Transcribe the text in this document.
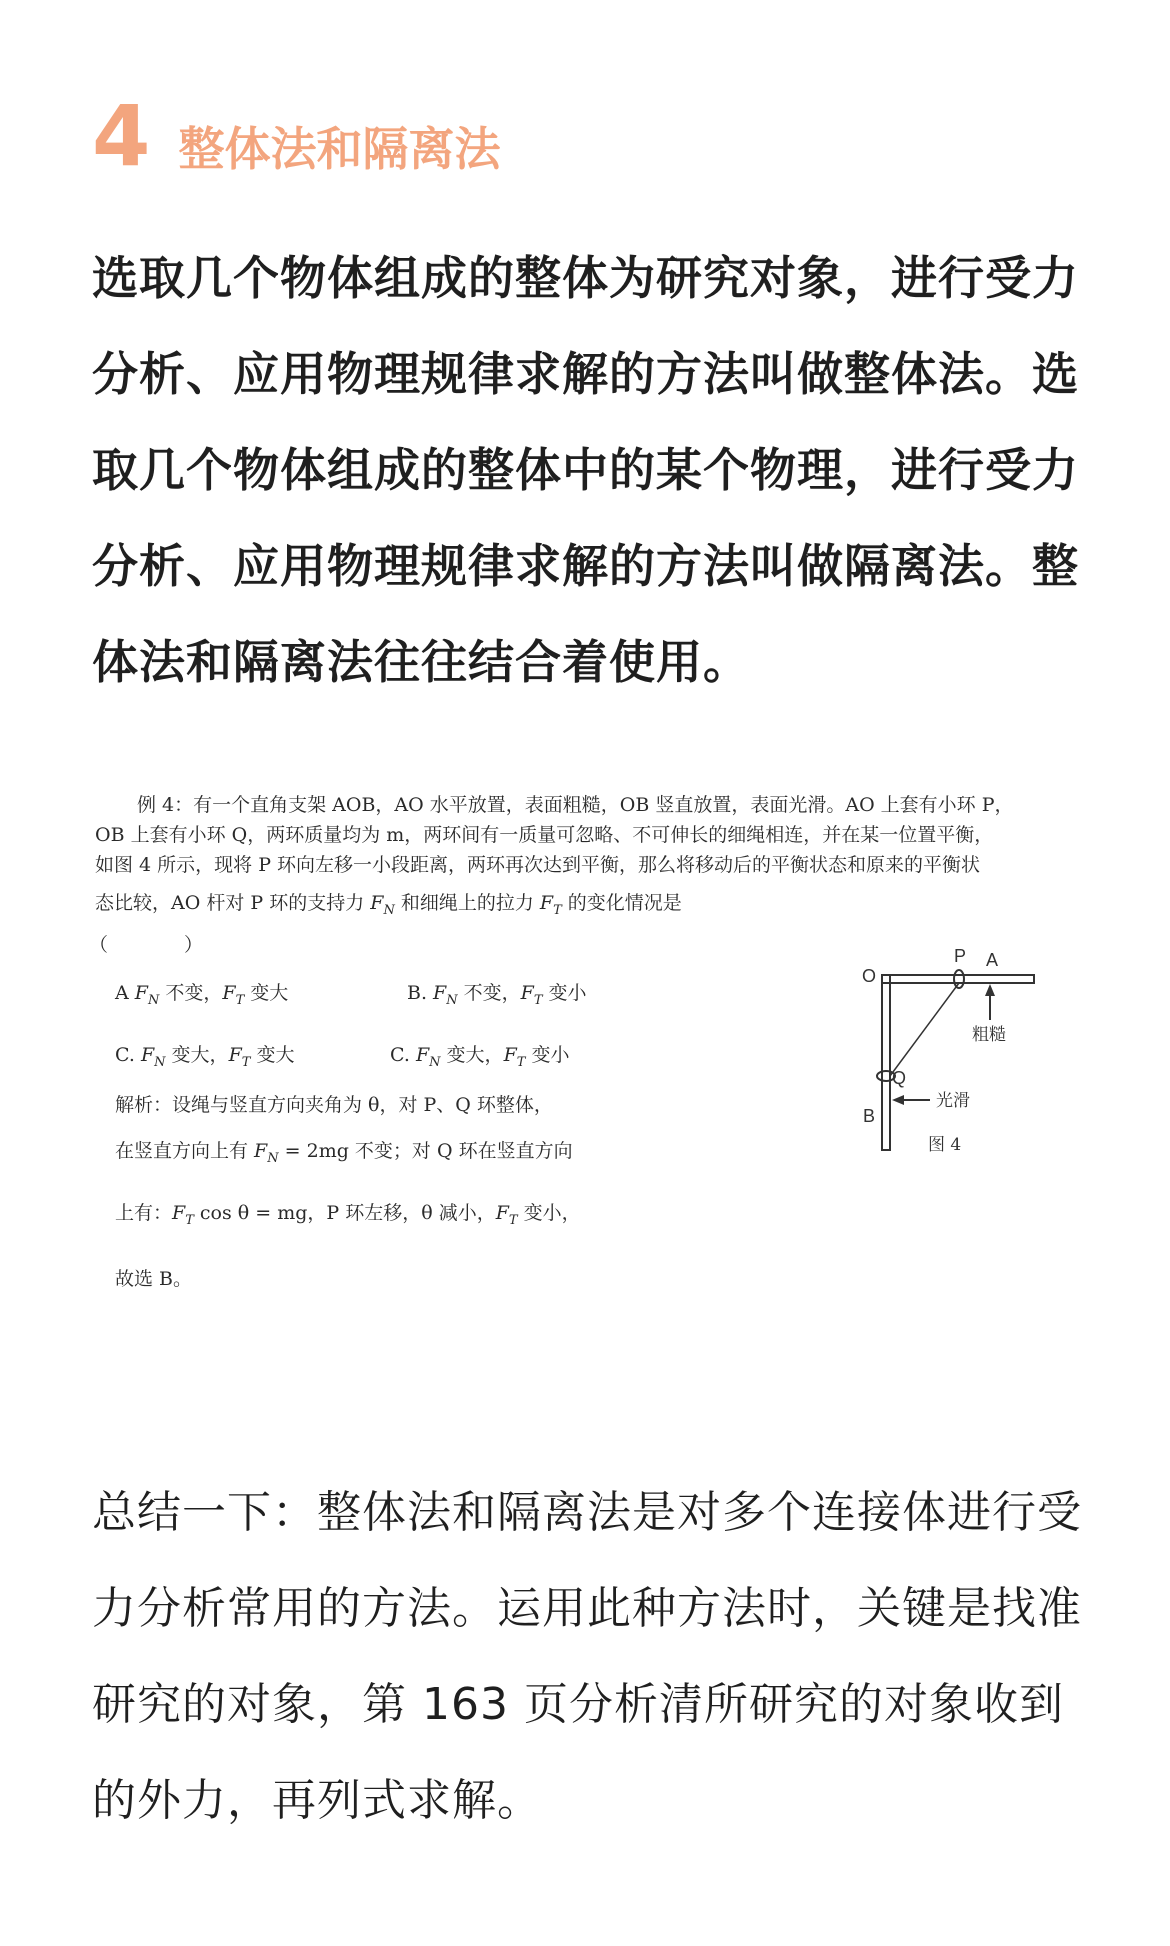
4 整体法和隔离法

选取几个物体组成的整体为研究对象，进行受力分析、应用物理规律求解的方法叫做整体法。选取几个物体组成的整体中的某个物理，进行受力分析、应用物理规律求解的方法叫做隔离法。整体法和隔离法往往结合着使用。

例 4：有一个直角支架 AOB，AO 水平放置，表面粗糙，OB 竖直放置，表面光滑。AO 上套有小环 P，

OB 上套有小环 Q，两环质量均为 m，两环间有一质量可忽略、不可伸长的细绳相连，并在某一位置平衡，

如图 4 所示，现将 P 环向左移一小段距离，两环再次达到平衡，那么将移动后的平衡状态和原来的平衡状

态比较，AO 杆对 P 环的支持力 $F_N$ 和细绳上的拉力 $F_T$ 的变化情况是

（　　　　）

A $F_N$ 不变，$F_T$ 变大	B. $F_N$ 不变，$F_T$ 变小

C. $F_N$ 变大，$F_T$ 变大	C. $F_N$ 变大，$F_T$ 变小

解析：设绳与竖直方向夹角为 θ，对 P、Q 环整体，

在竖直方向上有 $F_N = 2mg$ 不变；对 Q 环在竖直方向

上有：$F_T$ cos θ = mg，P 环左移，θ 减小，$F_T$ 变小，

故选 B。

O
P A
Q
B
粗糙
光滑
图 4

总结一下：整体法和隔离法是对多个连接体进行受力分析常用的方法。运用此种方法时，关键是找准研究的对象，第 163 页分析清所研究的对象收到的外力，再列式求解。
